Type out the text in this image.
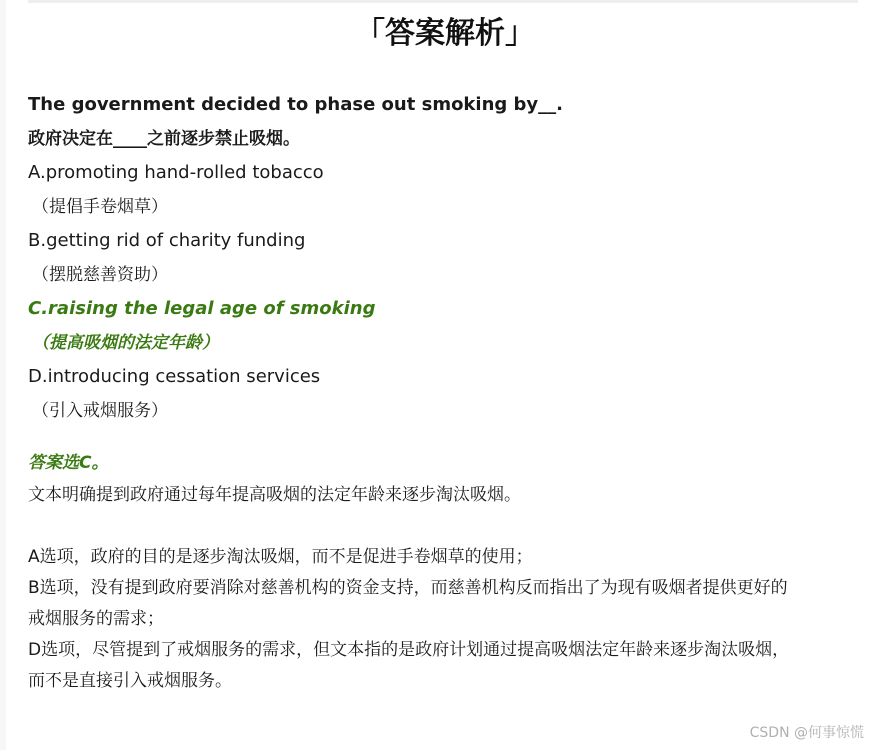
「答案解析」
The government decided to phase out smoking by__.
政府决定在____之前逐步禁止吸烟。
A.promoting hand-rolled tobacco
（提倡手卷烟草）
B.getting rid of charity funding
（摆脱慈善资助）
C.raising the legal age of smoking
（提高吸烟的法定年龄）
D.introducing cessation services
（引入戒烟服务）
答案选C。
文本明确提到政府通过每年提高吸烟的法定年龄来逐步淘汰吸烟。
A选项，政府的目的是逐步淘汰吸烟，而不是促进手卷烟草的使用；
B选项，没有提到政府要消除对慈善机构的资金支持，而慈善机构反而指出了为现有吸烟者提供更好的
戒烟服务的需求；
D选项，尽管提到了戒烟服务的需求，但文本指的是政府计划通过提高吸烟法定年龄来逐步淘汰吸烟，
而不是直接引入戒烟服务。
CSDN @何事惊慌
